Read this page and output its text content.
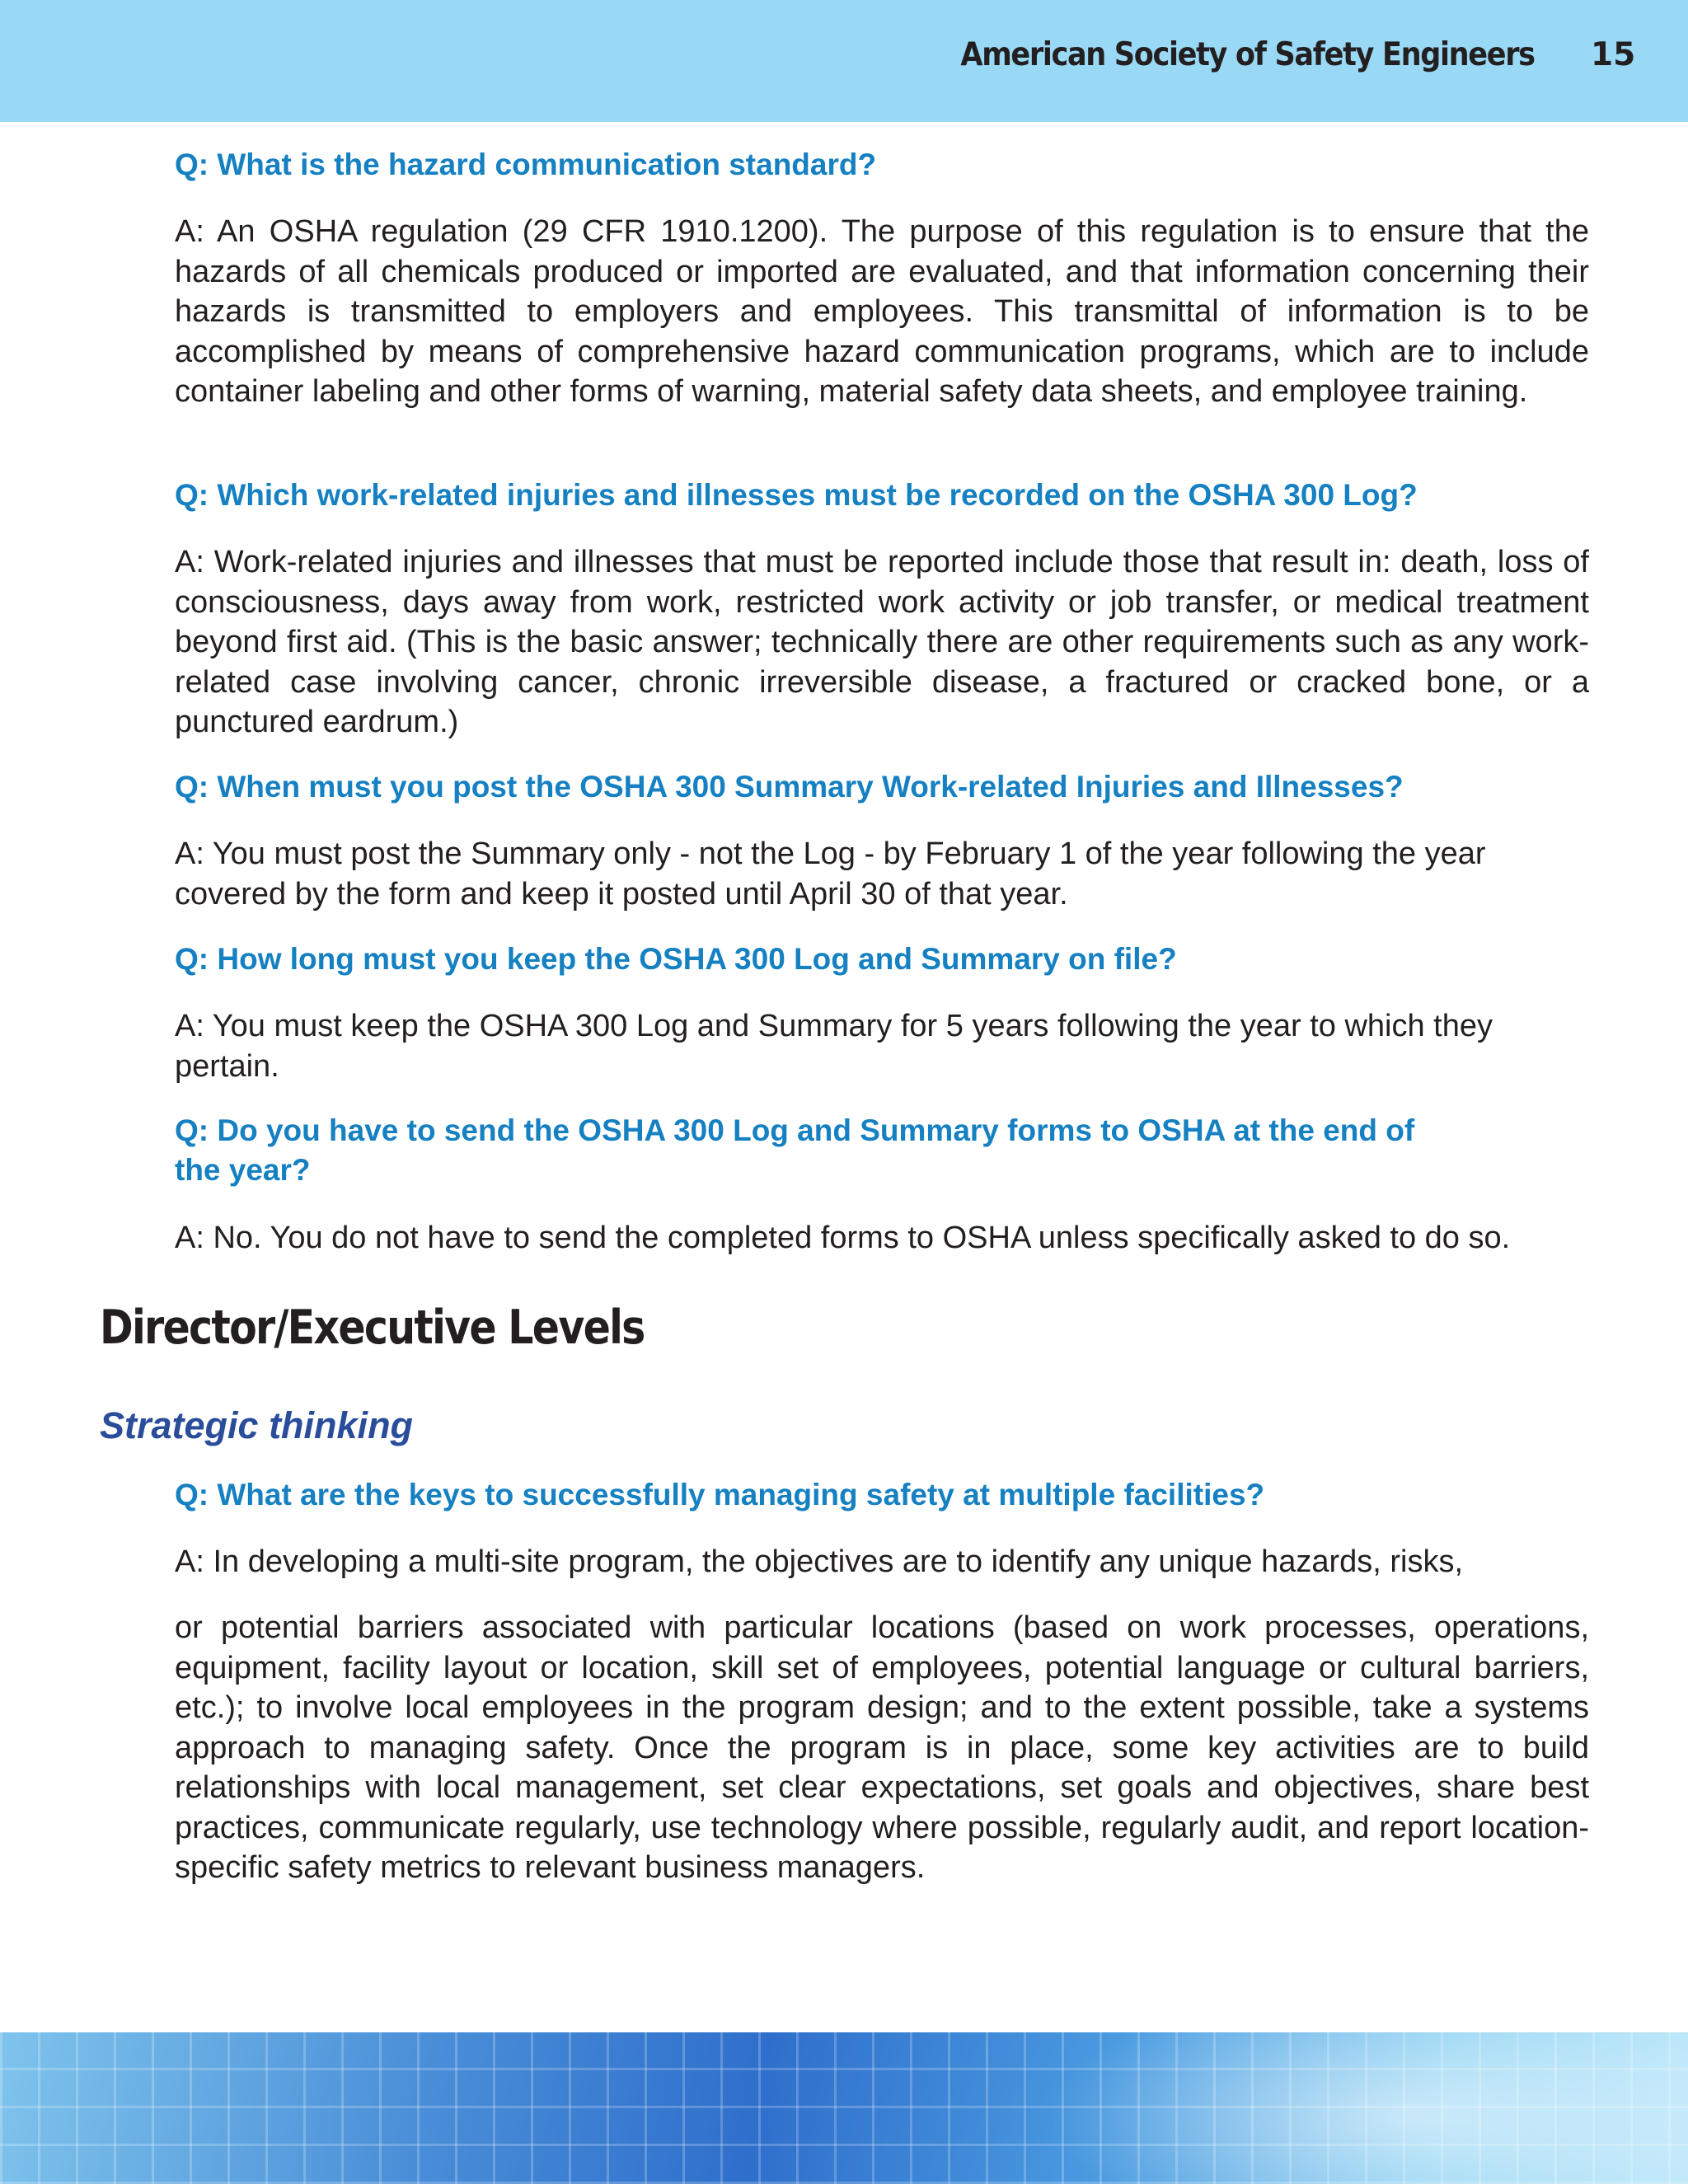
American Society of Safety Engineers 15

Q: What is the hazard communication standard?

A: An OSHA regulation (29 CFR 1910.1200). The purpose of this regulation is to ensure that the hazards of all chemicals produced or imported are evaluated, and that information concerning their hazards is transmitted to employers and employees. This transmittal of information is to be accomplished by means of comprehensive hazard communication programs, which are to include container labeling and other forms of warning, material safety data sheets, and employee training.

Q: Which work-related injuries and illnesses must be recorded on the OSHA 300 Log?

A: Work-related injuries and illnesses that must be reported include those that result in: death, loss of consciousness, days away from work, restricted work activity or job transfer, or medical treatment beyond first aid. (This is the basic answer; technically there are other requirements such as any work-related case involving cancer, chronic irreversible disease, a fractured or cracked bone, or a punctured eardrum.)

Q: When must you post the OSHA 300 Summary Work-related Injuries and Illnesses?

A: You must post the Summary only - not the Log - by February 1 of the year following the year covered by the form and keep it posted until April 30 of that year.

Q: How long must you keep the OSHA 300 Log and Summary on file?

A: You must keep the OSHA 300 Log and Summary for 5 years following the year to which they pertain.

Q: Do you have to send the OSHA 300 Log and Summary forms to OSHA at the end of the year?

A: No. You do not have to send the completed forms to OSHA unless specifically asked to do so.

Director/Executive Levels
Strategic thinking

Q: What are the keys to successfully managing safety at multiple facilities?

A: In developing a multi-site program, the objectives are to identify any unique hazards, risks,

or potential barriers associated with particular locations (based on work processes, operations, equipment, facility layout or location, skill set of employees, potential language or cultural barriers, etc.); to involve local employees in the program design; and to the extent possible, take a systems approach to managing safety. Once the program is in place, some key activities are to build relationships with local management, set clear expectations, set goals and objectives, share best practices, communicate regularly, use technology where possible, regularly audit, and report location-specific safety metrics to relevant business managers.
